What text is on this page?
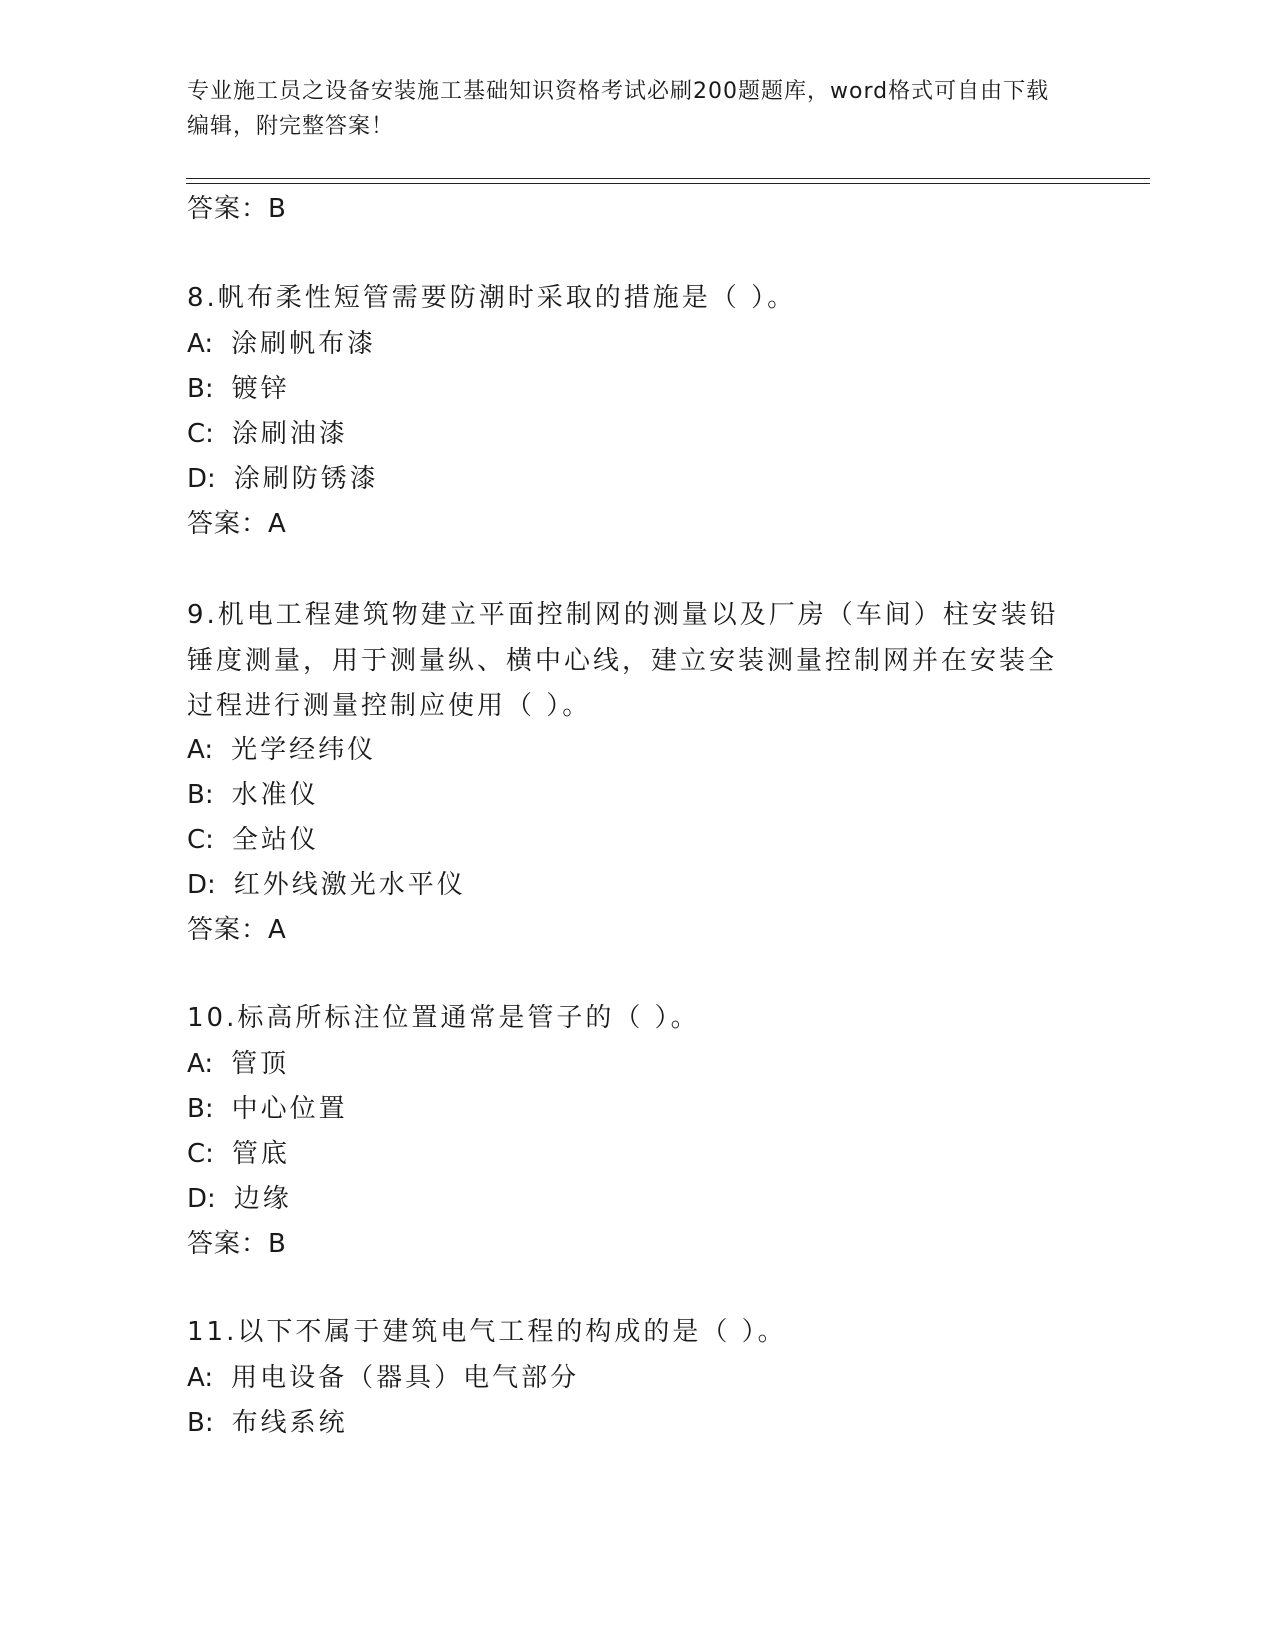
专业施工员之设备安装施工基础知识资格考试必刷200题题库，word格式可自由下载编辑，附完整答案！
答案：B
8.帆布柔性短管需要防潮时采取的措施是（ ）。
A: 涂刷帆布漆
B: 镀锌
C: 涂刷油漆
D: 涂刷防锈漆
答案：A
9.机电工程建筑物建立平面控制网的测量以及厂房（车间）柱安装铅锤度测量，用于测量纵、横中心线，建立安装测量控制网并在安装全过程进行测量控制应使用（ ）。
A: 光学经纬仪
B: 水准仪
C: 全站仪
D: 红外线激光水平仪
答案：A
10.标高所标注位置通常是管子的（ ）。
A: 管顶
B: 中心位置
C: 管底
D: 边缘
答案：B
11.以下不属于建筑电气工程的构成的是（ ）。
A: 用电设备（器具）电气部分
B: 布线系统
